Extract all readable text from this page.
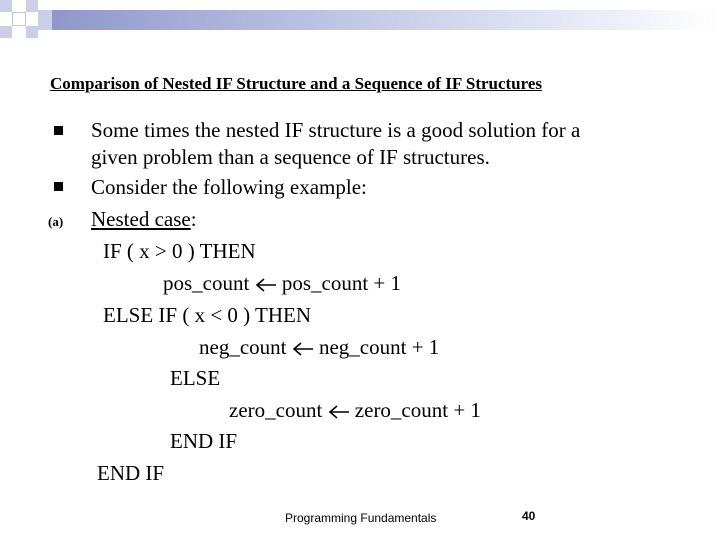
Comparison of Nested IF Structure and a Sequence of IF Structures
Some times the nested IF structure is a good solution for a
given problem than a sequence of IF structures.
Consider the following example:
(a) Nested case:
IF ( x > 0 ) THEN
pos_count pos_count + 1
ELSE IF ( x < 0 ) THEN
neg_count neg_count + 1
ELSE
zero_count zero_count + 1
END IF
END IF
Programming Fundamentals	40
